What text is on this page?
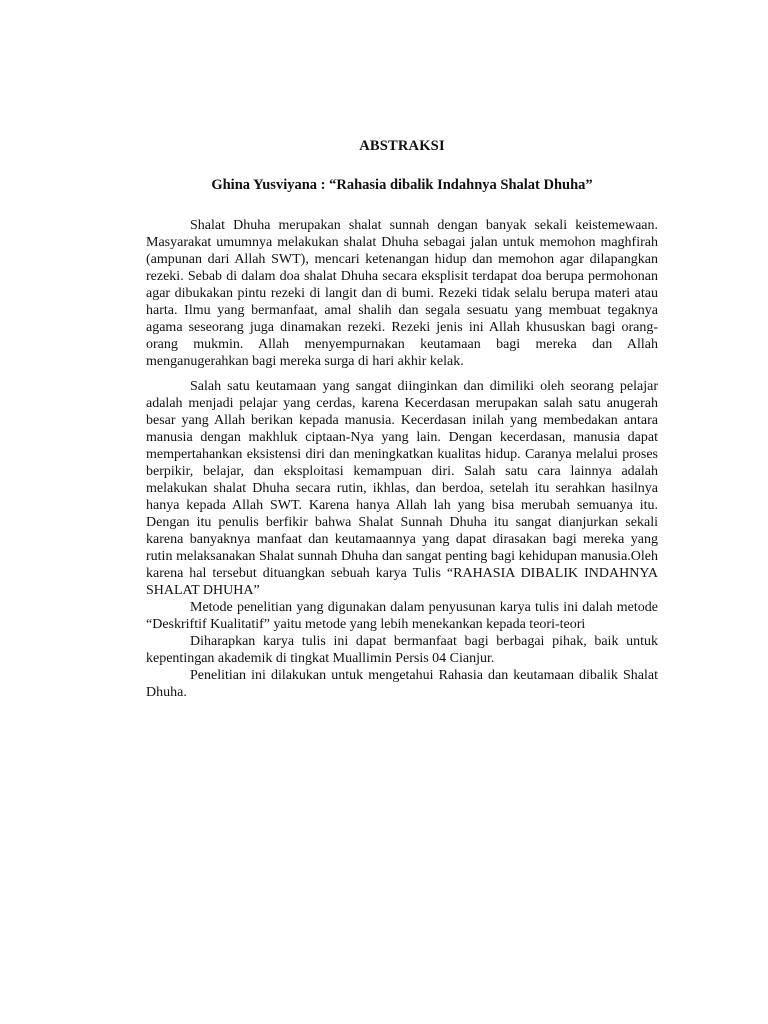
ABSTRAKSI

Ghina Yusviyana : “Rahasia dibalik Indahnya Shalat Dhuha”

Shalat Dhuha merupakan shalat sunnah dengan banyak sekali keistemewaan. Masyarakat umumnya melakukan shalat Dhuha sebagai jalan untuk memohon maghfirah (ampunan dari Allah SWT), mencari ketenangan hidup dan memohon agar dilapangkan rezeki. Sebab di dalam doa shalat Dhuha secara eksplisit terdapat doa berupa permohonan agar dibukakan pintu rezeki di langit dan di bumi. Rezeki tidak selalu berupa materi atau harta. Ilmu yang bermanfaat, amal shalih dan segala sesuatu yang membuat tegaknya agama seseorang juga dinamakan rezeki. Rezeki jenis ini Allah khususkan bagi orang-orang mukmin. Allah menyempurnakan keutamaan bagi mereka dan Allah menganugerahkan bagi mereka surga di hari akhir kelak.

Salah satu keutamaan yang sangat diinginkan dan dimiliki oleh seorang pelajar adalah menjadi pelajar yang cerdas, karena Kecerdasan merupakan salah satu anugerah besar yang Allah berikan kepada manusia. Kecerdasan inilah yang membedakan antara manusia dengan makhluk ciptaan-Nya yang lain. Dengan kecerdasan, manusia dapat mempertahankan eksistensi diri dan meningkatkan kualitas hidup. Caranya melalui proses berpikir, belajar, dan eksploitasi kemampuan diri. Salah satu cara lainnya adalah melakukan shalat Dhuha secara rutin, ikhlas, dan berdoa, setelah itu serahkan hasilnya hanya kepada Allah SWT. Karena hanya Allah lah yang bisa merubah semuanya itu. Dengan itu penulis berfikir bahwa Shalat Sunnah Dhuha itu sangat dianjurkan sekali karena banyaknya manfaat dan keutamaannya yang dapat dirasakan bagi mereka yang rutin melaksanakan Shalat sunnah Dhuha dan sangat penting bagi kehidupan manusia.Oleh karena hal tersebut dituangkan sebuah karya Tulis “RAHASIA DIBALIK INDAHNYA SHALAT DHUHA”

Metode penelitian yang digunakan dalam penyusunan karya tulis ini dalah metode “Deskriftif Kualitatif” yaitu metode yang lebih menekankan kepada teori-teori

Diharapkan karya tulis ini dapat bermanfaat bagi berbagai pihak, baik untuk kepentingan akademik di tingkat Muallimin Persis 04 Cianjur.

Penelitian ini dilakukan untuk mengetahui Rahasia dan keutamaan dibalik Shalat Dhuha.
